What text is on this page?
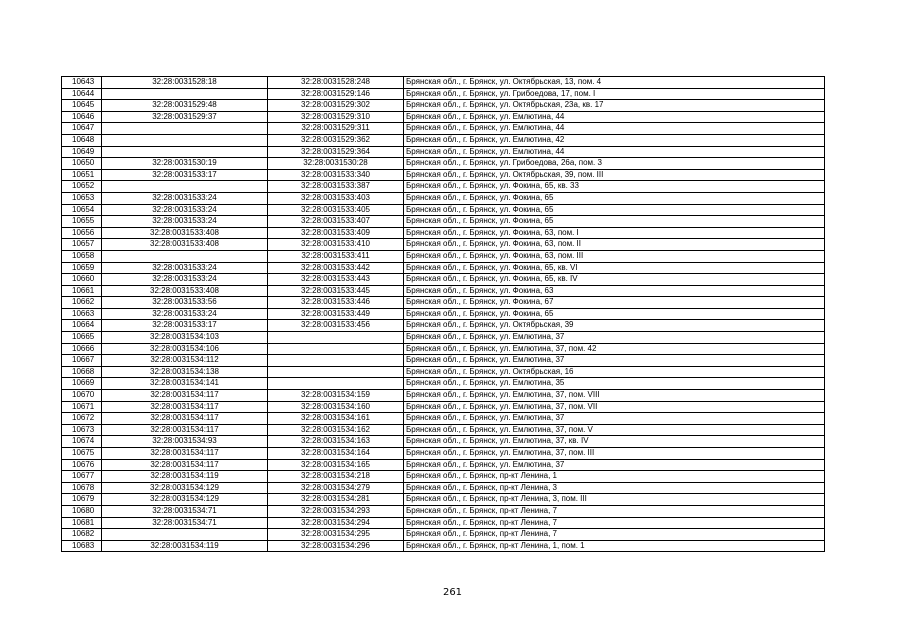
10643	32:28:0031528:18	32:28:0031528:248	Брянская обл., г. Брянск, ул. Октябрьская, 13, пом. 4
10644		32:28:0031529:146	Брянская обл., г. Брянск, ул. Грибоедова, 17, пом. I
10645	32:28:0031529:48	32:28:0031529:302	Брянская обл., г. Брянск, ул. Октябрьская, 23а, кв. 17
10646	32:28:0031529:37	32:28:0031529:310	Брянская обл., г. Брянск, ул. Емлютина, 44
10647		32:28:0031529:311	Брянская обл., г. Брянск, ул. Емлютина, 44
10648		32:28:0031529:362	Брянская обл., г. Брянск, ул. Емлютина, 42
10649		32:28:0031529:364	Брянская обл., г. Брянск, ул. Емлютина, 44
10650	32:28:0031530:19	32:28:0031530:28	Брянская обл., г. Брянск, ул. Грибоедова, 26а, пом. 3
10651	32:28:0031533:17	32:28:0031533:340	Брянская обл., г. Брянск, ул. Октябрьская, 39, пом. III
10652		32:28:0031533:387	Брянская обл., г. Брянск, ул. Фокина, 65, кв. 33
10653	32:28:0031533:24	32:28:0031533:403	Брянская обл., г. Брянск, ул. Фокина, 65
10654	32:28:0031533:24	32:28:0031533:405	Брянская обл., г. Брянск, ул. Фокина, 65
10655	32:28:0031533:24	32:28:0031533:407	Брянская обл., г. Брянск, ул. Фокина, 65
10656	32:28:0031533:408	32:28:0031533:409	Брянская обл., г. Брянск, ул. Фокина, 63, пом. I
10657	32:28:0031533:408	32:28:0031533:410	Брянская обл., г. Брянск, ул. Фокина, 63, пом. II
10658		32:28:0031533:411	Брянская обл., г. Брянск, ул. Фокина, 63, пом. III
10659	32:28:0031533:24	32:28:0031533:442	Брянская обл., г. Брянск, ул. Фокина, 65, кв. VI
10660	32:28:0031533:24	32:28:0031533:443	Брянская обл., г. Брянск, ул. Фокина, 65, кв. IV
10661	32:28:0031533:408	32:28:0031533:445	Брянская обл., г. Брянск, ул. Фокина, 63
10662	32:28:0031533:56	32:28:0031533:446	Брянская обл., г. Брянск, ул. Фокина, 67
10663	32:28:0031533:24	32:28:0031533:449	Брянская обл., г. Брянск, ул. Фокина, 65
10664	32:28:0031533:17	32:28:0031533:456	Брянская обл., г. Брянск, ул. Октябрьская, 39
10665	32:28:0031534:103		Брянская обл., г. Брянск, ул. Емлютина, 37
10666	32:28:0031534:106		Брянская обл., г. Брянск, ул. Емлютина, 37, пом. 42
10667	32:28:0031534:112		Брянская обл., г. Брянск, ул. Емлютина, 37
10668	32:28:0031534:138		Брянская обл., г. Брянск, ул. Октябрьская, 16
10669	32:28:0031534:141		Брянская обл., г. Брянск, ул. Емлютина, 35
10670	32:28:0031534:117	32:28:0031534:159	Брянская обл., г. Брянск, ул. Емлютина, 37, пом. VIII
10671	32:28:0031534:117	32:28:0031534:160	Брянская обл., г. Брянск, ул. Емлютина, 37, пом. VII
10672	32:28:0031534:117	32:28:0031534:161	Брянская обл., г. Брянск, ул. Емлютина, 37
10673	32:28:0031534:117	32:28:0031534:162	Брянская обл., г. Брянск, ул. Емлютина, 37, пом. V
10674	32:28:0031534:93	32:28:0031534:163	Брянская обл., г. Брянск, ул. Емлютина, 37, кв. IV
10675	32:28:0031534:117	32:28:0031534:164	Брянская обл., г. Брянск, ул. Емлютина, 37, пом. III
10676	32:28:0031534:117	32:28:0031534:165	Брянская обл., г. Брянск, ул. Емлютина, 37
10677	32:28:0031534:119	32:28:0031534:218	Брянская обл., г. Брянск, пр-кт Ленина, 1
10678	32:28:0031534:129	32:28:0031534:279	Брянская обл., г. Брянск, пр-кт Ленина, 3
10679	32:28:0031534:129	32:28:0031534:281	Брянская обл., г. Брянск, пр-кт Ленина, 3, пом. III
10680	32:28:0031534:71	32:28:0031534:293	Брянская обл., г. Брянск, пр-кт Ленина, 7
10681	32:28:0031534:71	32:28:0031534:294	Брянская обл., г. Брянск, пр-кт Ленина, 7
10682		32:28:0031534:295	Брянская обл., г. Брянск, пр-кт Ленина, 7
10683	32:28:0031534:119	32:28:0031534:296	Брянская обл., г. Брянск, пр-кт Ленина, 1, пом. 1
261
